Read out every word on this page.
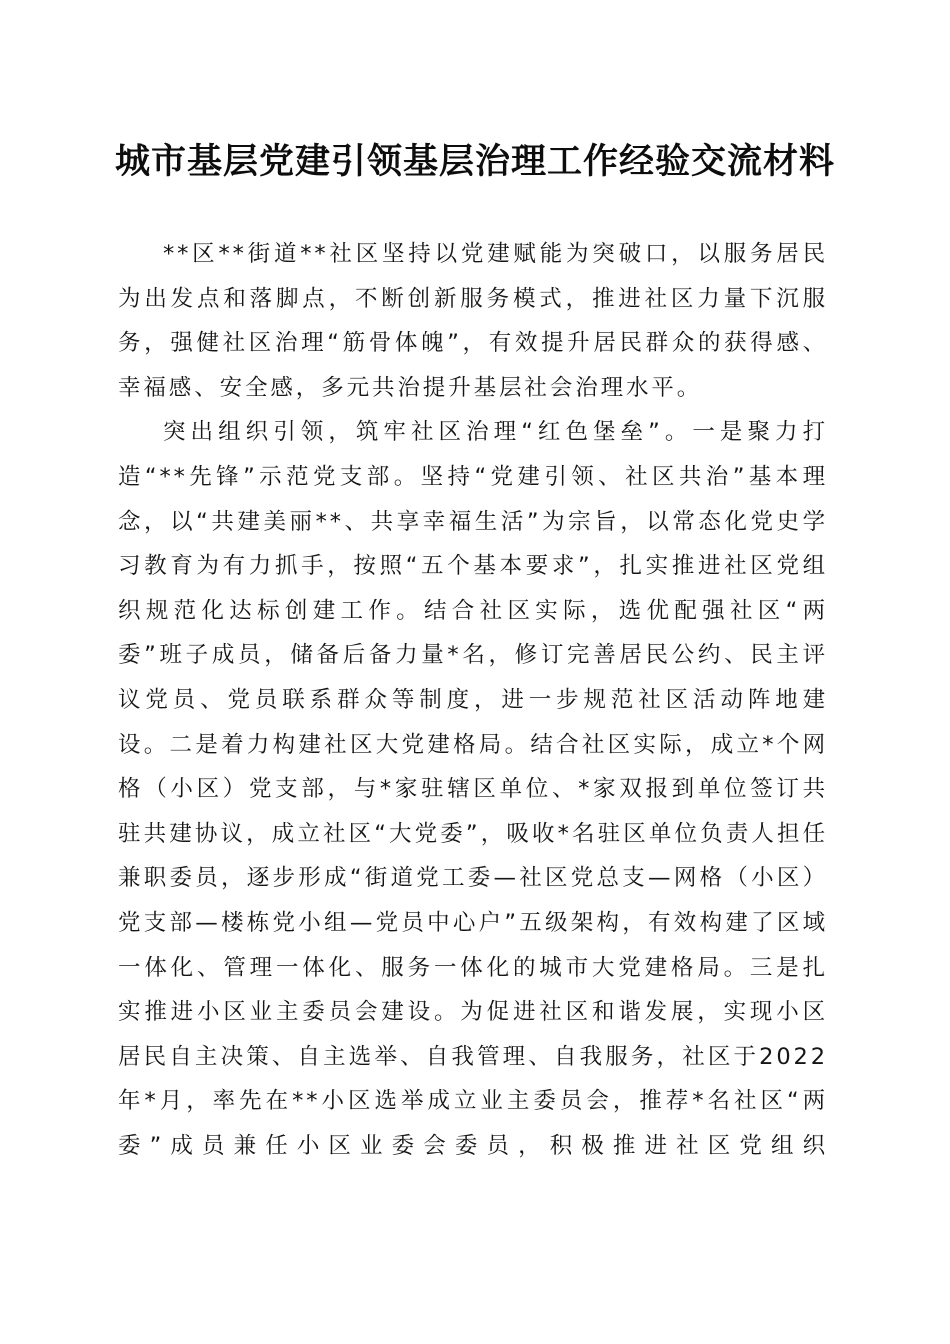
城市基层党建引领基层治理工作经验交流材料

**区**街道**社区坚持以党建赋能为突破口，以服务居民为出发点和落脚点，不断创新服务模式，推进社区力量下沉服务，强健社区治理“筋骨体魄”，有效提升居民群众的获得感、幸福感、安全感，多元共治提升基层社会治理水平。

突出组织引领，筑牢社区治理“红色堡垒”。一是聚力打造“**先锋”示范党支部。坚持“党建引领、社区共治”基本理念，以“共建美丽**、共享幸福生活”为宗旨，以常态化党史学习教育为有力抓手，按照“五个基本要求”，扎实推进社区党组织规范化达标创建工作。结合社区实际，选优配强社区“两委”班子成员，储备后备力量*名，修订完善居民公约、民主评议党员、党员联系群众等制度，进一步规范社区活动阵地建设。二是着力构建社区大党建格局。结合社区实际，成立*个网格（小区）党支部，与*家驻辖区单位、*家双报到单位签订共驻共建协议，成立社区“大党委”，吸收*名驻区单位负责人担任兼职委员，逐步形成“街道党工委—社区党总支—网格（小区）党支部—楼栋党小组—党员中心户”五级架构，有效构建了区域一体化、管理一体化、服务一体化的城市大党建格局。三是扎实推进小区业主委员会建设。为促进社区和谐发展，实现小区居民自主决策、自主选举、自我管理、自我服务，社区于2022年*月，率先在**小区选举成立业主委员会，推荐*名社区“两委”成员兼任小区业委会委员，积极推进社区党组织
